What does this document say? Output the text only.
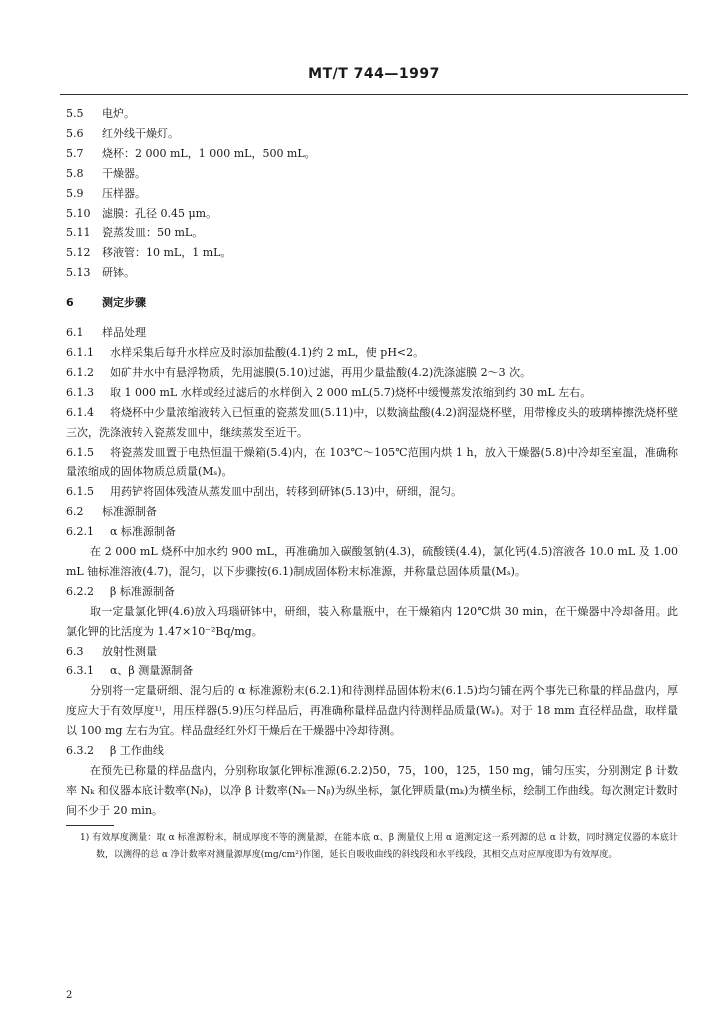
MT/T 744—1997
5.5 电炉。
5.6 红外线干燥灯。
5.7 烧杯：2 000 mL，1 000 mL，500 mL。
5.8 干燥器。
5.9 压样器。
5.10 滤膜：孔径 0.45 μm。
5.11 瓷蒸发皿：50 mL。
5.12 移液管：10 mL，1 mL。
5.13 研钵。
6	测定步骤
6.1 样品处理
6.1.1 水样采集后每升水样应及时添加盐酸(4.1)约 2 mL，使 pH<2。
6.1.2 如矿井水中有悬浮物质，先用滤膜(5.10)过滤，再用少量盐酸(4.2)洗涤滤膜 2～3 次。
6.1.3 取 1 000 mL 水样或经过滤后的水样倒入 2 000 mL(5.7)烧杯中缓慢蒸发浓缩到约 30 mL 左右。
6.1.4 将烧杯中少量浓缩液转入已恒重的瓷蒸发皿(5.11)中，以数滴盐酸(4.2)润湿烧杯壁，用带橡皮头的玻璃棒擦洗烧杯壁三次，洗涤液转入瓷蒸发皿中，继续蒸发至近干。
6.1.5 将瓷蒸发皿置于电热恒温干燥箱(5.4)内，在 103℃～105℃范围内烘 1 h，放入干燥器(5.8)中冷却至室温，准确称量浓缩成的固体物质总质量(Mₛ)。
6.1.5 用药铲将固体残渣从蒸发皿中刮出，转移到研钵(5.13)中，研细，混匀。
6.2 标准源制备
6.2.1 α 标准源制备
在 2 000 mL 烧杯中加水约 900 mL，再准确加入碳酸氢钠(4.3)，硫酸镁(4.4)，氯化钙(4.5)溶液各 10.0 mL 及 1.00 mL 铀标准溶液(4.7)，混匀，以下步骤按(6.1)制成固体粉末标准源，并称量总固体质量(Mₛ)。
6.2.2 β 标准源制备
取一定量氯化钾(4.6)放入玛瑙研钵中，研细，装入称量瓶中，在干燥箱内 120℃烘 30 min，在干燥器中冷却备用。此氯化钾的比活度为 1.47×10⁻²Bq/mg。
6.3 放射性测量
6.3.1 α、β 测量源制备
分别将一定量研细、混匀后的 α 标准源粉末(6.2.1)和待测样品固体粉末(6.1.5)均匀铺在两个事先已称量的样品盘内，厚度应大于有效厚度¹⁾，用压样器(5.9)压匀样品后，再准确称量样品盘内待测样品质量(Wₛ)。对于 18 mm 直径样品盘，取样量以 100 mg 左右为宜。样品盘经红外灯干燥后在干燥器中冷却待测。
6.3.2 β 工作曲线
在预先已称量的样品盘内，分别称取氯化钾标准源(6.2.2)50，75，100，125，150 mg，铺匀压实，分别测定 β 计数率 Nₖ 和仪器本底计数率(Nᵦ)，以净 β 计数率(Nₖ－Nᵦ)为纵坐标，氯化钾质量(mₖ)为横坐标，绘制工作曲线。每次测定计数时间不少于 20 min。
1) 有效厚度测量：取 α 标准源粉末，制成厚度不等的测量源，在能本底 α、β 测量仪上用 α 道测定这一系列源的总 α 计数，同时测定仪器的本底计数，以测得的总 α 净计数率对测量源厚度(mg/cm²)作图，延长自吸收曲线的斜线段和水平线段，其相交点对应厚度即为有效厚度。
2
